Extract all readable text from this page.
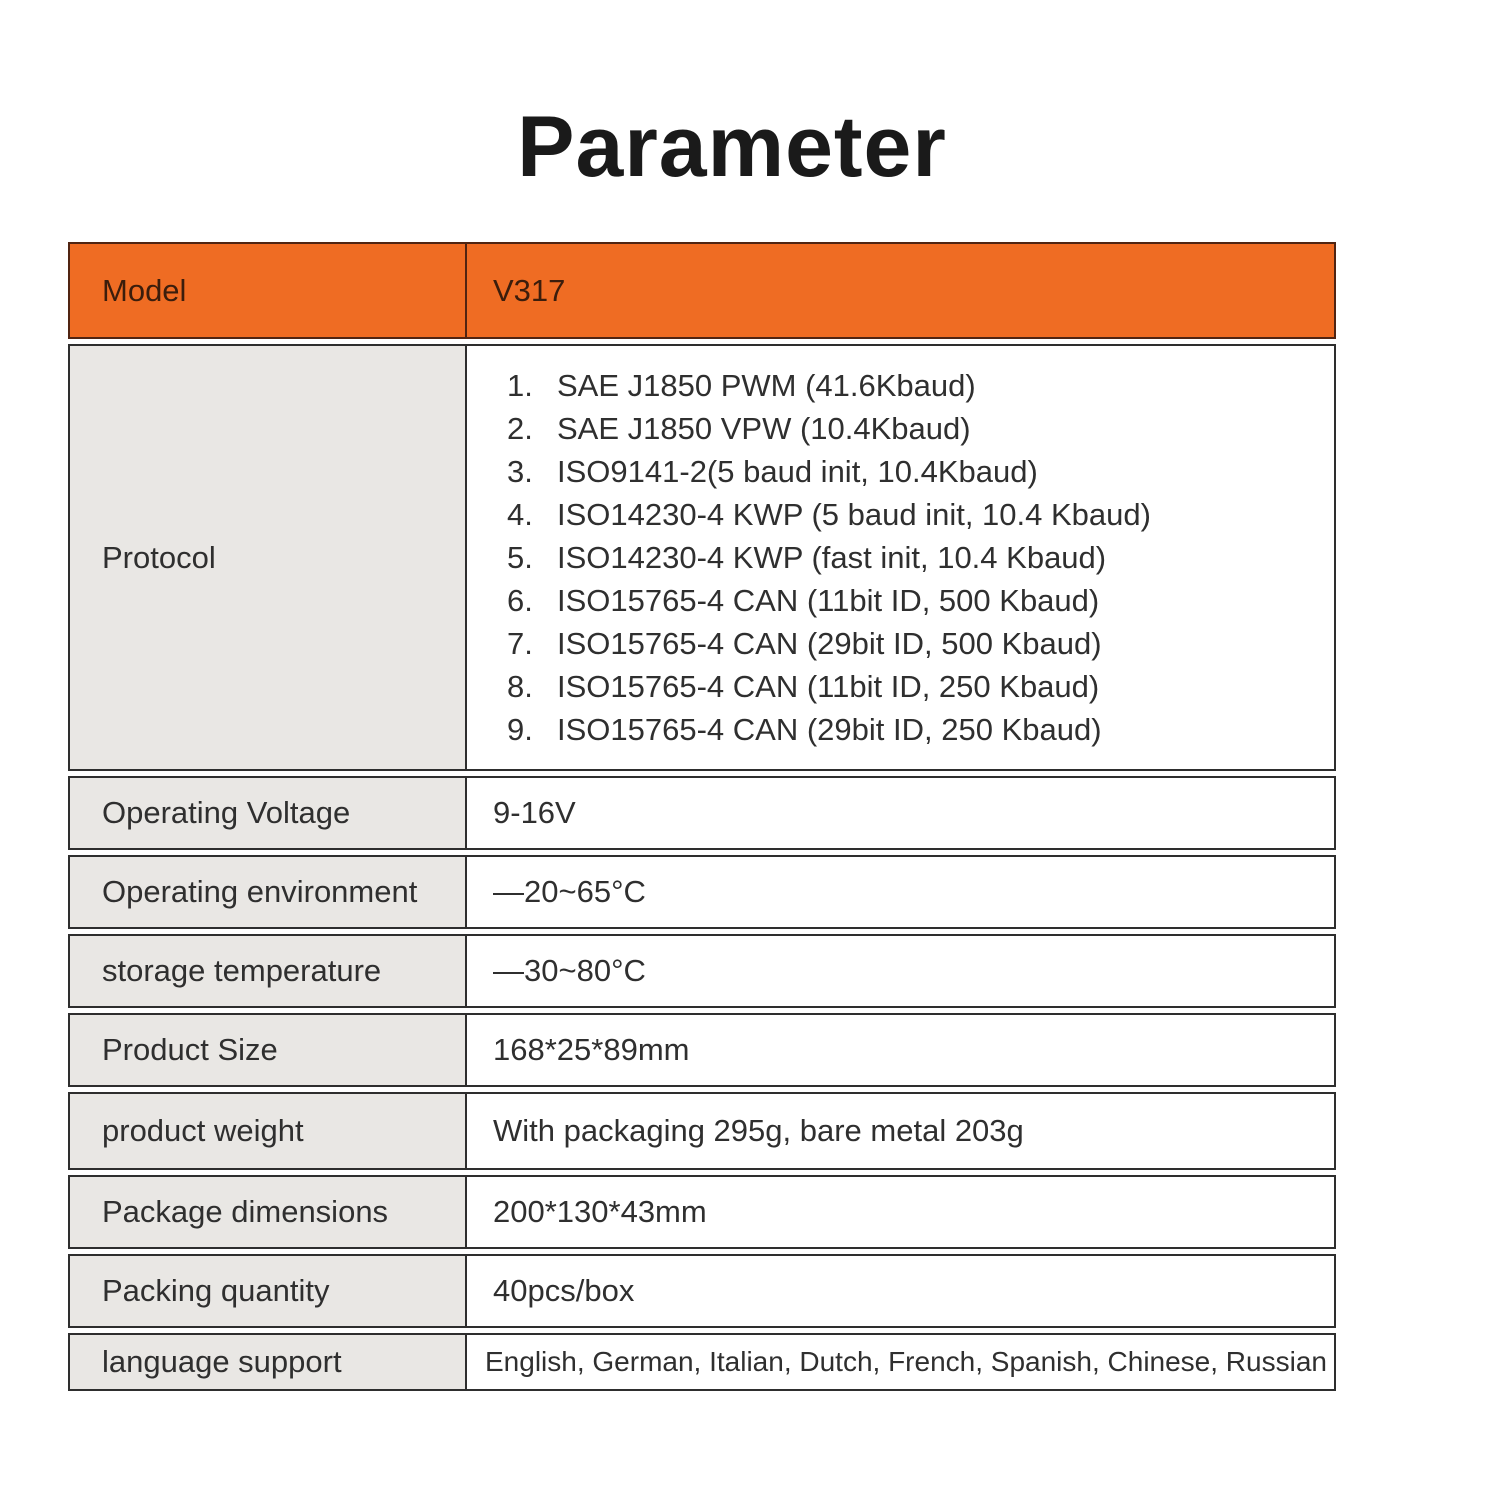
Parameter
Model	V317
Protocol
SAE J1850 PWM (41.6Kbaud)
SAE J1850 VPW (10.4Kbaud)
ISO9141-2(5 baud init, 10.4Kbaud)
ISO14230-4 KWP (5 baud init, 10.4 Kbaud)
ISO14230-4 KWP (fast init, 10.4 Kbaud)
ISO15765-4 CAN (11bit ID, 500 Kbaud)
ISO15765-4 CAN (29bit ID, 500 Kbaud)
ISO15765-4 CAN (11bit ID, 250 Kbaud)
ISO15765-4 CAN (29bit ID, 250 Kbaud)
Operating Voltage	9-16V
Operating environment	—20~65°C
storage temperature	—30~80°C
Product Size	168*25*89mm
product weight	With packaging 295g, bare metal 203g
Package dimensions	200*130*43mm
Packing quantity	40pcs/box
language support	English, German, Italian, Dutch, French, Spanish, Chinese, Russian
